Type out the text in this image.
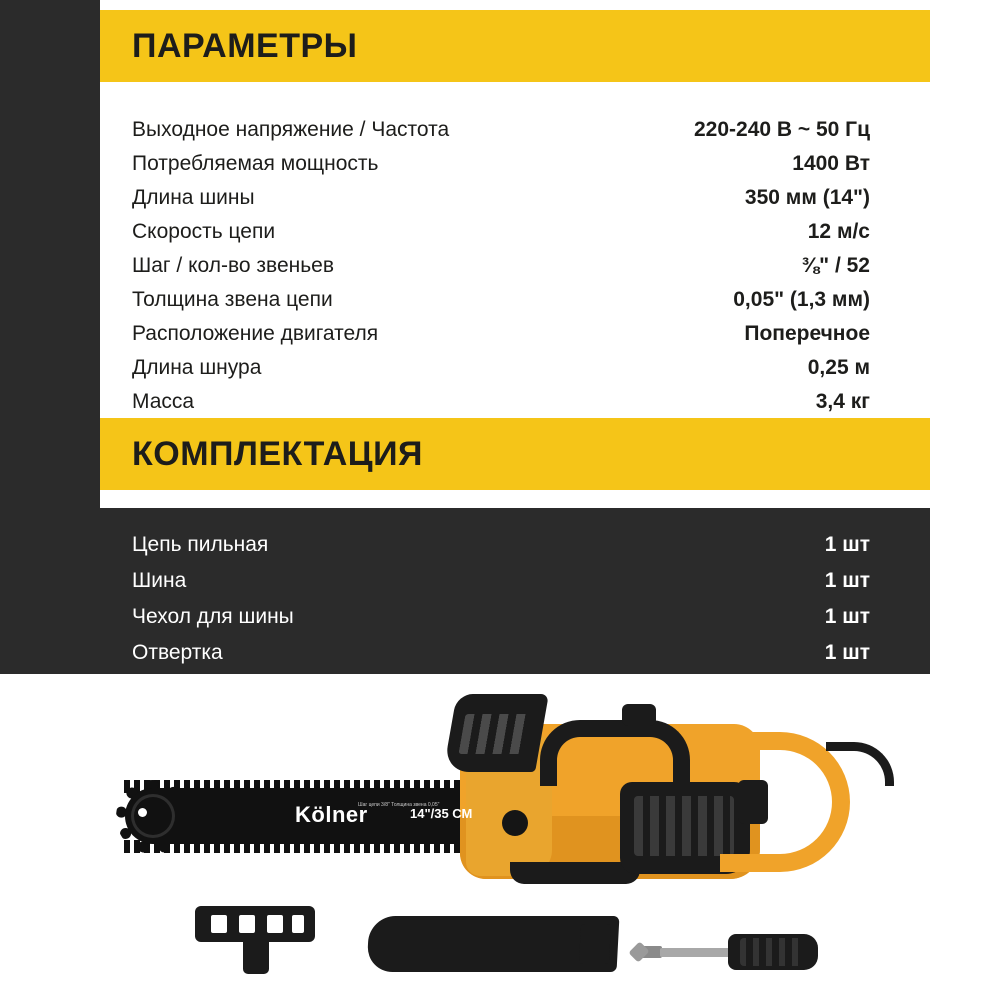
ПАРАМЕТРЫ
Выходное напряжение / Частота	220-240 В ~ 50 Гц
Потребляемая мощность	1400 Вт
Длина шины	350 мм (14")
Скорость цепи	12 м/с
Шаг / кол-во звеньев	⅜" / 52
Толщина звена цепи	0,05" (1,3 мм)
Расположение двигателя	Поперечное
Длина шнура	0,25 м
Масса	3,4 кг
КОМПЛЕКТАЦИЯ
Цепь пильная	1 шт
Шина	1 шт
Чехол для шины	1 шт
Отвертка	1 шт
Kölner
Шаг цепи 3/8" Толщина звена 0,05"
14"/35 СМ
